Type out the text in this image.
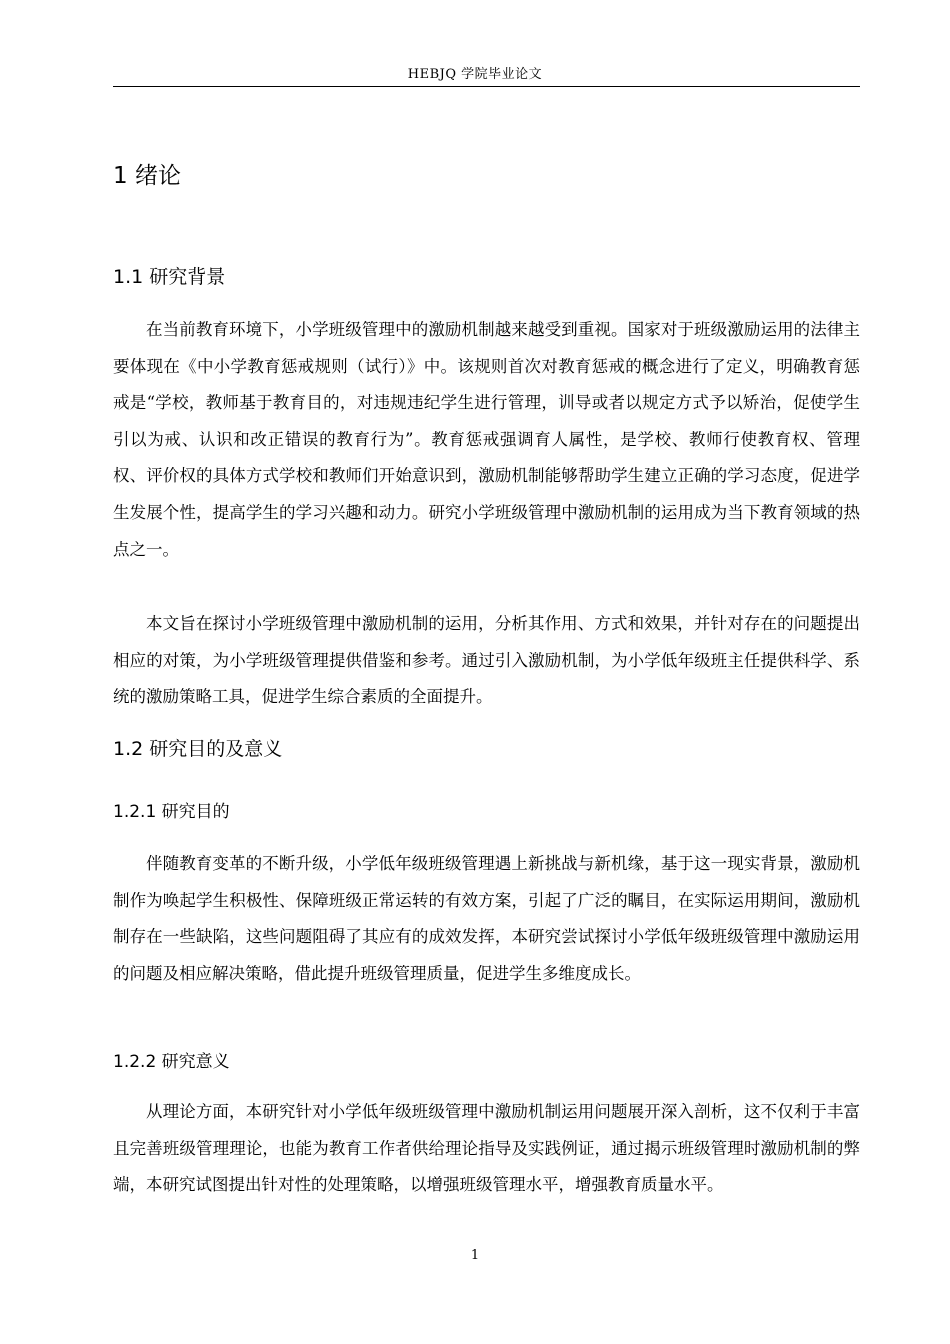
HEBJQ 学院毕业论文
1 绪论
1.1 研究背景

在当前教育环境下，小学班级管理中的激励机制越来越受到重视。国家对于班级激励运用的法律主要体现在《中小学教育惩戒规则（试行）》中。该规则首次对教育惩戒的概念进行了定义，明确教育惩戒是“学校，教师基于教育目的，对违规违纪学生进行管理，训导或者以规定方式予以矫治，促使学生引以为戒、认识和改正错误的教育行为”。教育惩戒强调育人属性，是学校、教师行使教育权、管理权、评价权的具体方式学校和教师们开始意识到，激励机制能够帮助学生建立正确的学习态度，促进学生发展个性，提高学生的学习兴趣和动力。研究小学班级管理中激励机制的运用成为当下教育领域的热点之一。

本文旨在探讨小学班级管理中激励机制的运用，分析其作用、方式和效果，并针对存在的问题提出相应的对策，为小学班级管理提供借鉴和参考。通过引入激励机制，为小学低年级班主任提供科学、系统的激励策略工具，促进学生综合素质的全面提升。

1.2 研究目的及意义
1.2.1 研究目的

伴随教育变革的不断升级，小学低年级班级管理遇上新挑战与新机缘，基于这一现实背景，激励机制作为唤起学生积极性、保障班级正常运转的有效方案，引起了广泛的瞩目，在实际运用期间，激励机制存在一些缺陷，这些问题阻碍了其应有的成效发挥，本研究尝试探讨小学低年级班级管理中激励运用的问题及相应解决策略，借此提升班级管理质量，促进学生多维度成长。

1.2.2 研究意义

从理论方面，本研究针对小学低年级班级管理中激励机制运用问题展开深入剖析，这不仅利于丰富且完善班级管理理论，也能为教育工作者供给理论指导及实践例证，通过揭示班级管理时激励机制的弊端，本研究试图提出针对性的处理策略，以增强班级管理水平，增强教育质量水平。

1
